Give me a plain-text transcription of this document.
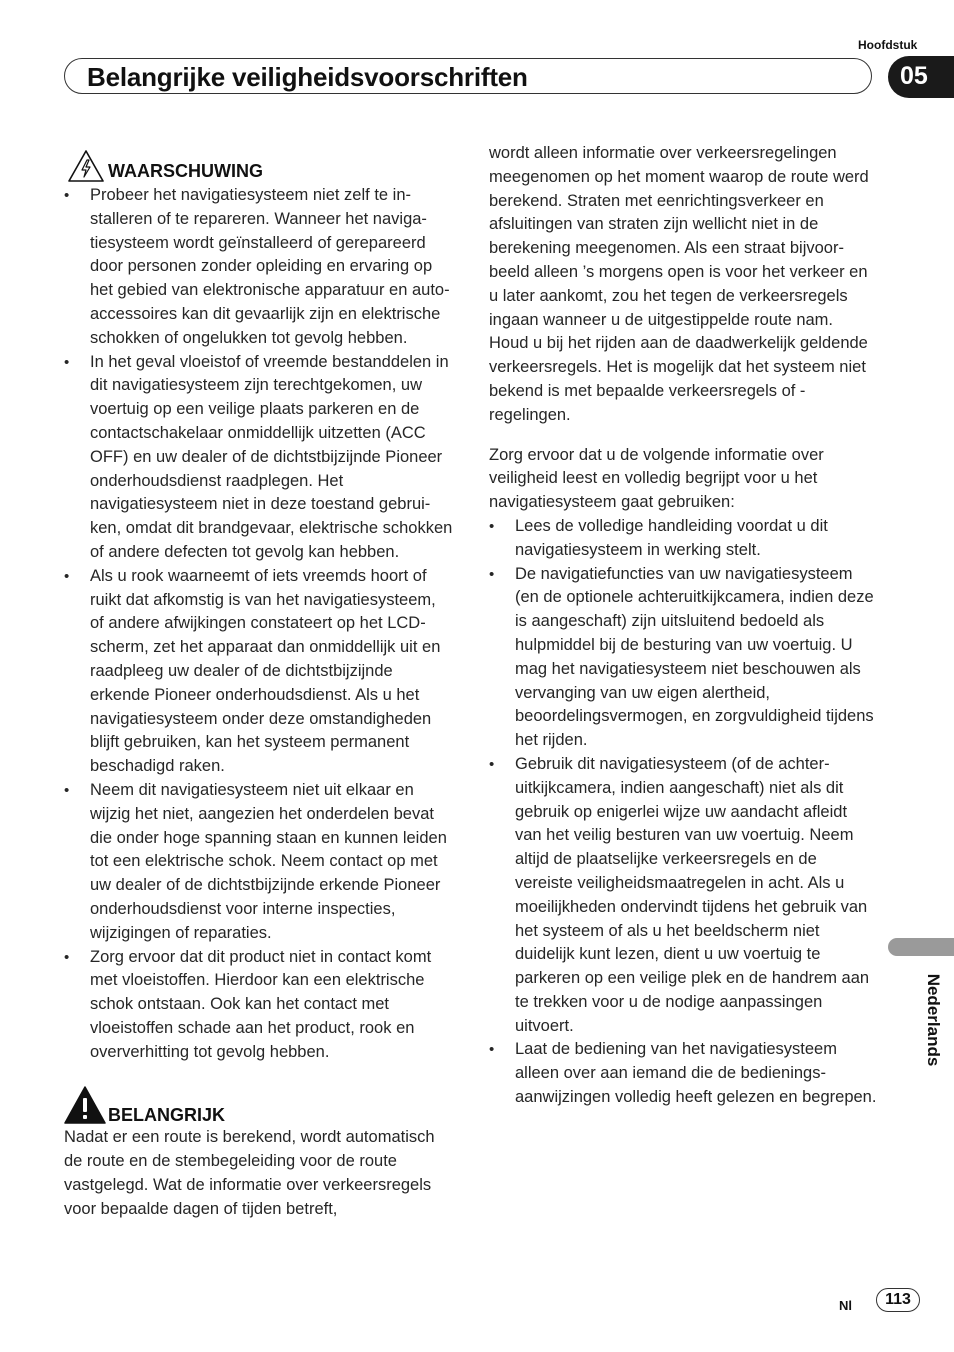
Hoofdstuk
Belangrijke veiligheidsvoorschriften	05
WAARSCHUWING
• Probeer het navigatiesysteem niet zelf te installeren of te repareren. Wanneer het navigatiesysteem wordt geïnstalleerd of gerepareerd door personen zonder opleiding en ervaring op het gebied van elektronische apparatuur en auto-accessoires kan dit gevaarlijk zijn en elektrische schokken of ongelukken tot gevolg hebben.
• In het geval vloeistof of vreemde bestanddelen in dit navigatiesysteem zijn terechtgekomen, uw voertuig op een veilige plaats parkeren en de contactschakelaar onmiddellijk uitzetten (ACC OFF) en uw dealer of de dichtstbijzijnde Pioneer onderhoudsdienst raadplegen. Het navigatiesysteem niet in deze toestand gebruiken, omdat dit brandgevaar, elektrische schokken of andere defecten tot gevolg kan hebben.
• Als u rook waarneemt of iets vreemds hoort of ruikt dat afkomstig is van het navigatiesysteem, of andere afwijkingen constateert op het LCD-scherm, zet het apparaat dan onmiddellijk uit en raadpleeg uw dealer of de dichtstbijzijnde erkende Pioneer onderhoudsdienst. Als u het navigatiesysteem onder deze omstandigheden blijft gebruiken, kan het systeem permanent beschadigd raken.
• Neem dit navigatiesysteem niet uit elkaar en wijzig het niet, aangezien het onderdelen bevat die onder hoge spanning staan en kunnen leiden tot een elektrische schok. Neem contact op met uw dealer of de dichtstbijzijnde erkende Pioneer onderhoudsdienst voor interne inspecties, wijzigingen of reparaties.
• Zorg ervoor dat dit product niet in contact komt met vloeistoffen. Hierdoor kan een elektrische schok ontstaan. Ook kan het contact met vloeistoffen schade aan het product, rook en oververhitting tot gevolg hebben.
BELANGRIJK

Nadat er een route is berekend, wordt automatisch de route en de stembegeleiding voor de route vastgelegd. Wat de informatie over verkeersregels voor bepaalde dagen of tijden betreft,

wordt alleen informatie over verkeersregelingen meegenomen op het moment waarop de route werd berekend. Straten met eenrichtingsverkeer en afsluitingen van straten zijn wellicht niet in de berekening meegenomen. Als een straat bijvoorbeeld alleen ’s morgens open is voor het verkeer en u later aankomt, zou het tegen de verkeersregels ingaan wanneer u de uitgestippelde route nam. Houd u bij het rijden aan de daadwerkelijk geldende verkeersregels. Het is mogelijk dat het systeem niet bekend is met bepaalde verkeersregels of -regelingen.

Zorg ervoor dat u de volgende informatie over veiligheid leest en volledig begrijpt voor u het navigatiesysteem gaat gebruiken:

• Lees de volledige handleiding voordat u dit navigatiesysteem in werking stelt.
• De navigatiefuncties van uw navigatiesysteem (en de optionele achteruitkijkcamera, indien deze is aangeschaft) zijn uitsluitend bedoeld als hulpmiddel bij de besturing van uw voertuig. U mag het navigatiesysteem niet beschouwen als vervanging van uw eigen alertheid, beoordelingsvermogen, en zorgvuldigheid tijdens het rijden.
• Gebruik dit navigatiesysteem (of de achteruitkijkcamera, indien aangeschaft) niet als dit gebruik op enigerlei wijze uw aandacht afleidt van het veilig besturen van uw voertuig. Neem altijd de plaatselijke verkeersregels en de vereiste veiligheidsmaatregelen in acht. Als u moeilijkheden ondervindt tijdens het gebruik van het systeem of als u het beeldscherm niet duidelijk kunt lezen, dient u uw voertuig te parkeren op een veilige plek en de handrem aan te trekken voor u de nodige aanpassingen uitvoert.
• Laat de bediening van het navigatiesysteem alleen over aan iemand die de bedieningsaanwijzingen volledig heeft gelezen en begrepen.
Nederlands
Nl	113
